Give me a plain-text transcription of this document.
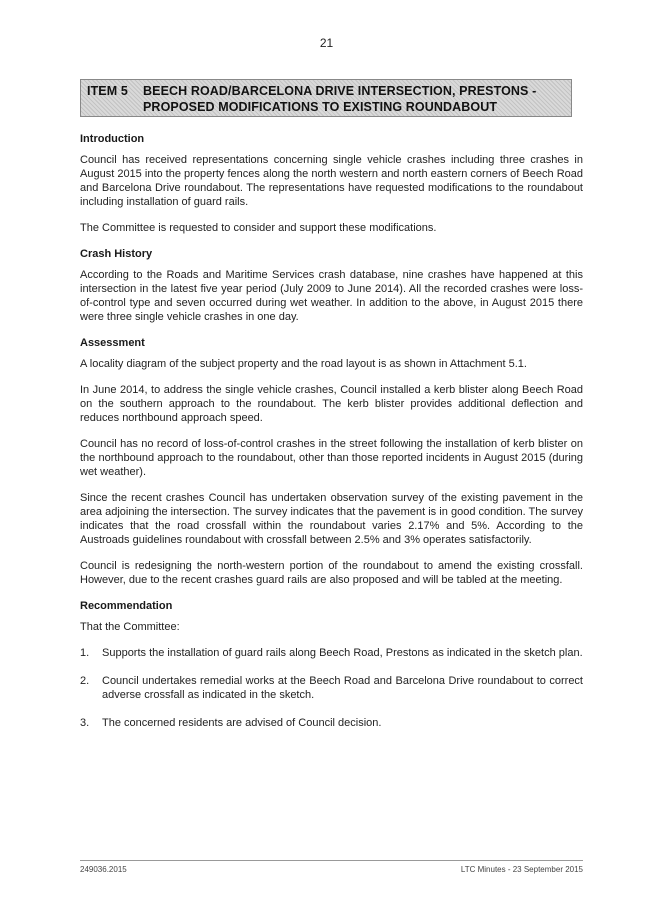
21
ITEM 5 BEECH ROAD/BARCELONA DRIVE INTERSECTION, PRESTONS -
PROPOSED MODIFICATIONS TO EXISTING ROUNDABOUT
Introduction

Council has received representations concerning single vehicle crashes including three crashes in August 2015 into the property fences along the north western and north eastern corners of Beech Road and Barcelona Drive roundabout. The representations have requested modifications to the roundabout including installation of guard rails.

The Committee is requested to consider and support these modifications.

Crash History

According to the Roads and Maritime Services crash database, nine crashes have happened at this intersection in the latest five year period (July 2009 to June 2014). All the recorded crashes were loss-of-control type and seven occurred during wet weather. In addition to the above, in August 2015 there were three single vehicle crashes in one day.

Assessment

A locality diagram of the subject property and the road layout is as shown in Attachment 5.1.

In June 2014, to address the single vehicle crashes, Council installed a kerb blister along Beech Road on the southern approach to the roundabout. The kerb blister provides additional deflection and reduces northbound approach speed.

Council has no record of loss-of-control crashes in the street following the installation of kerb blister on the northbound approach to the roundabout, other than those reported incidents in August 2015 (during wet weather).

Since the recent crashes Council has undertaken observation survey of the existing pavement in the area adjoining the intersection. The survey indicates that the pavement is in good condition. The survey indicates that the road crossfall within the roundabout varies 2.17% and 5%. According to the Austroads guidelines roundabout with crossfall between 2.5% and 3% operates satisfactorily.

Council is redesigning the north-western portion of the roundabout to amend the existing crossfall. However, due to the recent crashes guard rails are also proposed and will be tabled at the meeting.

Recommendation

That the Committee:

1.	Supports the installation of guard rails along Beech Road, Prestons as indicated in the sketch plan.
2.	Council undertakes remedial works at the Beech Road and Barcelona Drive roundabout to correct adverse crossfall as indicated in the sketch.
3.	The concerned residents are advised of Council decision.
249036.2015	LTC Minutes - 23 September 2015
